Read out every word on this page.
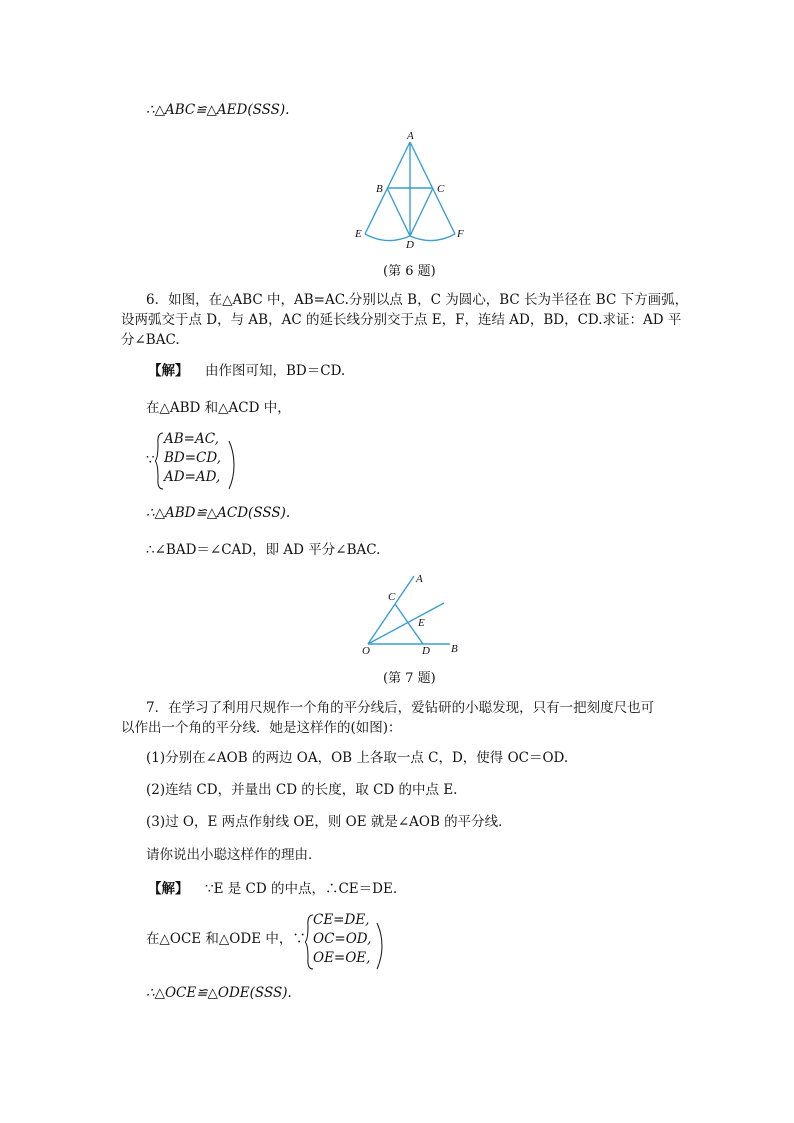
∴△ABC≌△AED(SSS).
A
B	C
D
E	F
(第 6 题)
6．如图，在△ABC 中，AB=AC.分别以点 B，C 为圆心，BC 长为半径在 BC 下方画弧，
设两弧交于点 D，与 AB，AC 的延长线分别交于点 E，F，连结 AD，BD，CD.求证：AD 平
分∠BAC.
【解】 由作图可知，BD＝CD.
在△ABD 和△ACD 中，
∵
AB=AC,
BD=CD,
AD=AD,
∴△ABD≌△ACD(SSS).
∴∠BAD＝∠CAD，即 AD 平分∠BAC.
A
C
E
O	D B
(第 7 题)
7．在学习了利用尺规作一个角的平分线后，爱钻研的小聪发现，只有一把刻度尺也可
以作出一个角的平分线．她是这样作的(如图)：
(1)分别在∠AOB 的两边 OA，OB 上各取一点 C，D，使得 OC＝OD.
(2)连结 CD，并量出 CD 的长度，取 CD 的中点 E.
(3)过 O，E 两点作射线 OE，则 OE 就是∠AOB 的平分线．
请你说出小聪这样作的理由．
【解】 ∵E 是 CD 的中点，∴CE＝DE.
在△OCE 和△ODE 中，∵
CE=DE,
OC=OD,
OE=OE,
∴△OCE≌△ODE(SSS).
